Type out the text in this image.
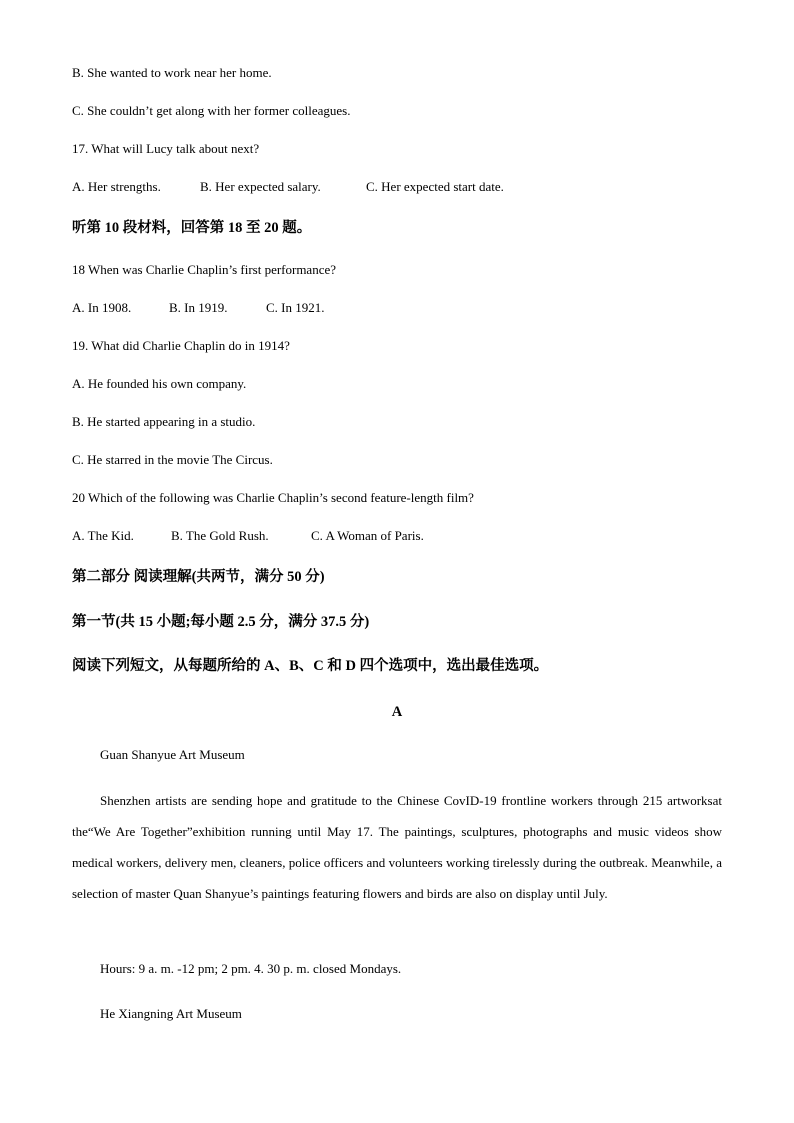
B. She wanted to work near her home.
C. She couldn’t get along with her former colleagues.
17. What will Lucy talk about next?
A. Her strengths.	B. Her expected salary.	C. Her expected start date.
听第 10 段材料，回答第 18 至 20 题。
18 When was Charlie Chaplin’s first performance?
A. In 1908.	B. In 1919.	C. In 1921.
19. What did Charlie Chaplin do in 1914?
A. He founded his own company.
B. He started appearing in a studio.
C. He starred in the movie The Circus.
20 Which of the following was Charlie Chaplin’s second feature-length film?
A. The Kid.	B. The Gold Rush.	C. A Woman of Paris.
第二部分 阅读理解(共两节，满分 50 分)
第一节(共 15 小题;每小题 2.5 分，满分 37.5 分)
阅读下列短文，从每题所给的 A、B、C 和 D 四个选项中，选出最佳选项。
A
Guan Shanyue Art Museum
Shenzhen artists are sending hope and gratitude to the Chinese CovID-19 frontline workers through 215 artworksat the“We Are Together”exhibition running until May 17. The paintings, sculptures, photographs and music videos show medical workers, delivery men, cleaners, police officers and volunteers working tirelessly during the outbreak. Meanwhile, a selection of master Quan Shanyue’s paintings featuring flowers and birds are also on display until July.
Hours: 9 a. m. -12 pm; 2 pm. 4. 30 p. m. closed Mondays.
He Xiangning Art Museum
